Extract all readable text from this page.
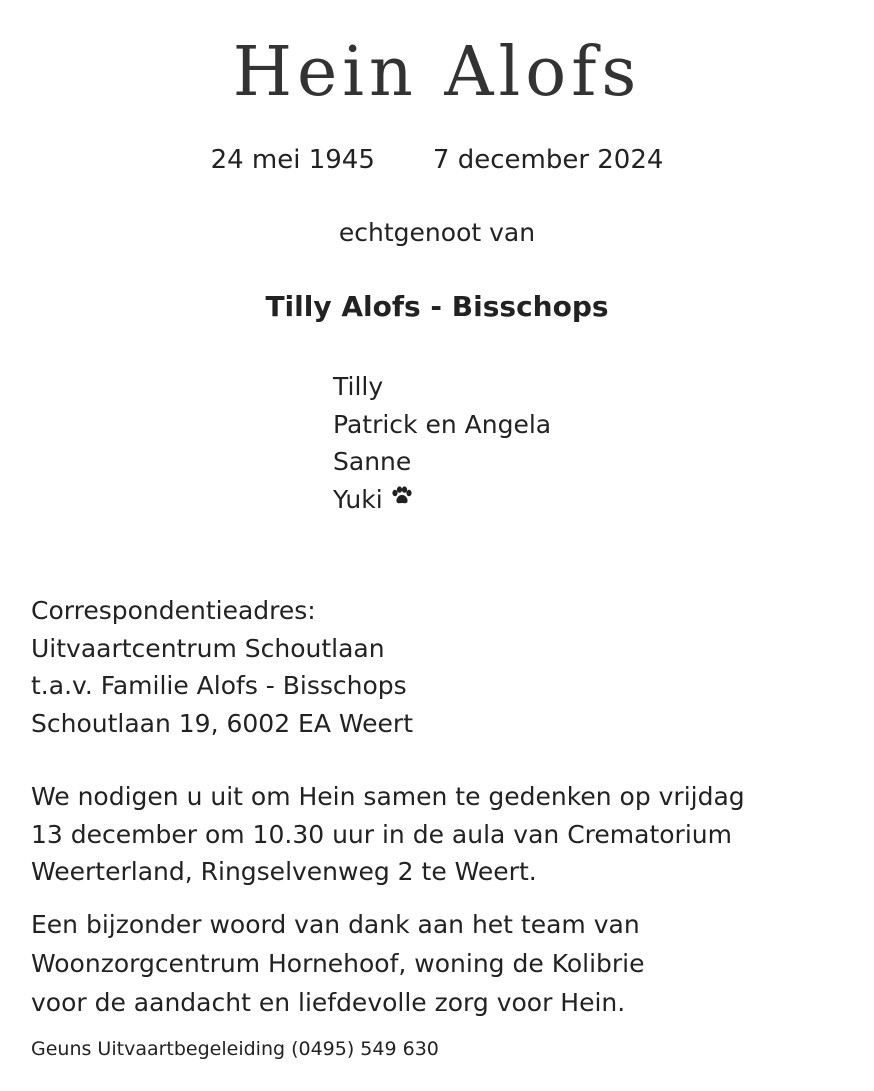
Hein Alofs
24 mei 1945 7 december 2024
echtgenoot van
Tilly Alofs - Bisschops
Tilly
Patrick en Angela
Sanne
Yuki
Correspondentieadres:
Uitvaartcentrum Schoutlaan
t.a.v. Familie Alofs - Bisschops
Schoutlaan 19, 6002 EA Weert
We nodigen u uit om Hein samen te gedenken op vrijdag
13 december om 10.30 uur in de aula van Crematorium
Weerterland, Ringselvenweg 2 te Weert.
Een bijzonder woord van dank aan het team van
Woonzorgcentrum Hornehoof, woning de Kolibrie
voor de aandacht en liefdevolle zorg voor Hein.
Geuns Uitvaartbegeleiding (0495) 549 630
